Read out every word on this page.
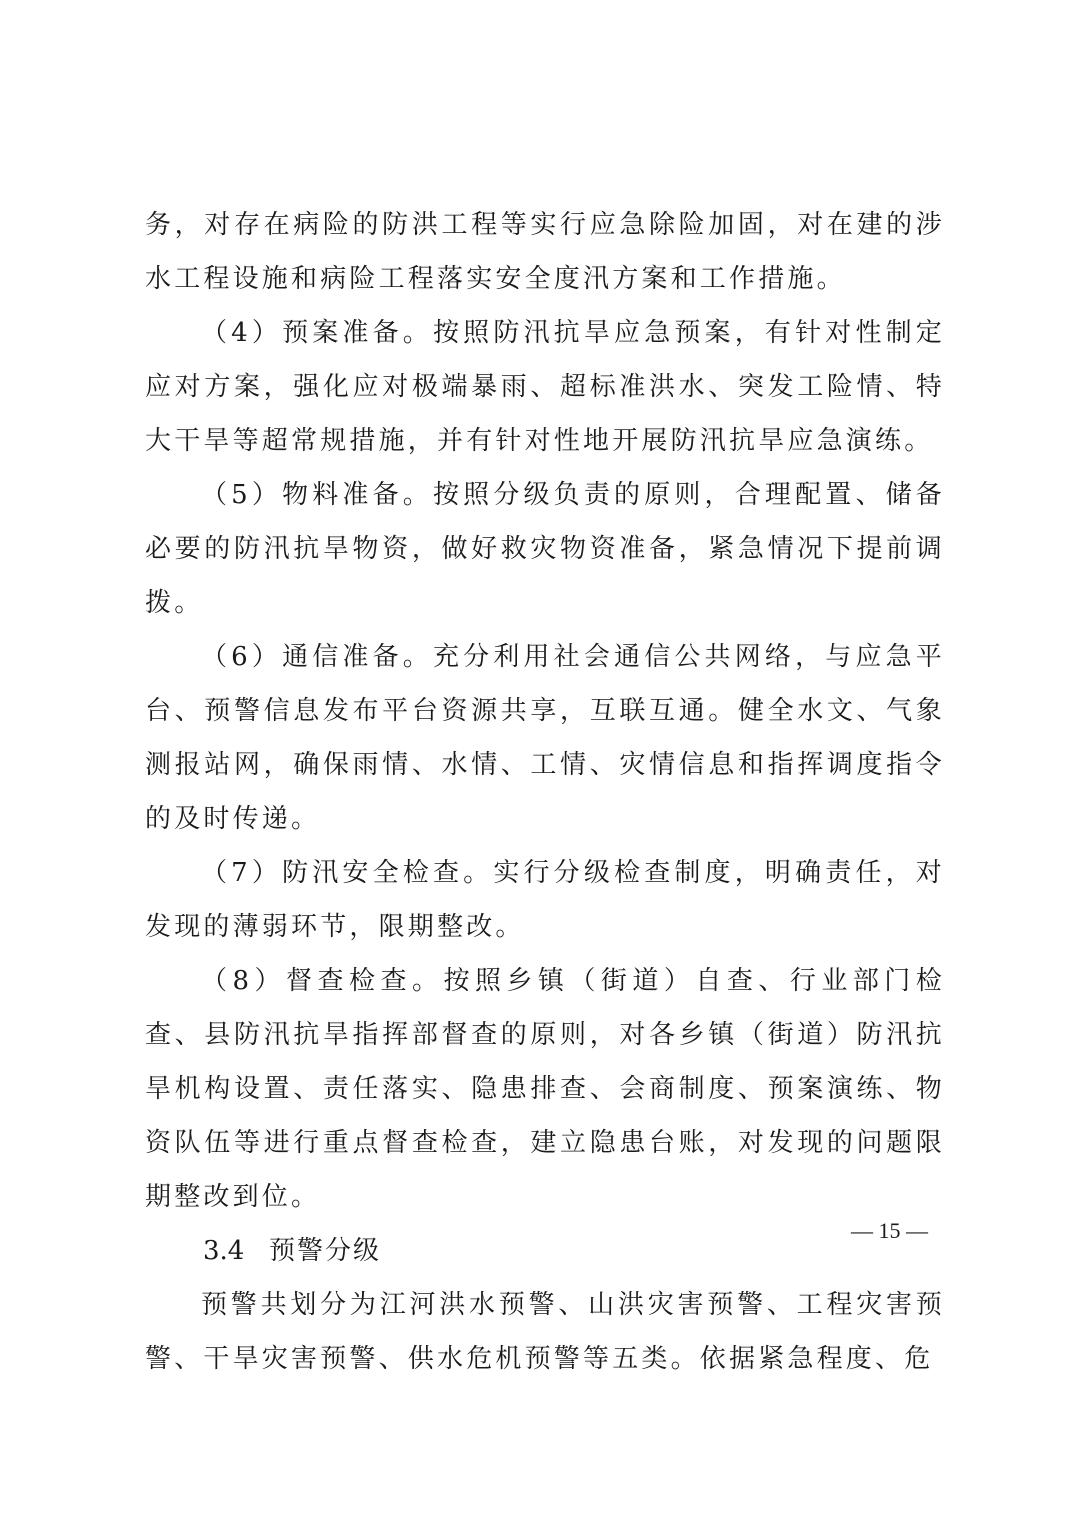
务，对存在病险的防洪工程等实行应急除险加固，对在建的涉水工程设施和病险工程落实安全度汛方案和工作措施。

（4）预案准备。按照防汛抗旱应急预案，有针对性制定应对方案，强化应对极端暴雨、超标准洪水、突发工险情、特大干旱等超常规措施，并有针对性地开展防汛抗旱应急演练。

（5）物料准备。按照分级负责的原则，合理配置、储备必要的防汛抗旱物资，做好救灾物资准备，紧急情况下提前调拨。

（6）通信准备。充分利用社会通信公共网络，与应急平台、预警信息发布平台资源共享，互联互通。健全水文、气象测报站网，确保雨情、水情、工情、灾情信息和指挥调度指令的及时传递。

（7）防汛安全检查。实行分级检查制度，明确责任，对发现的薄弱环节，限期整改。

（8）督查检查。按照乡镇（街道）自查、行业部门检查、县防汛抗旱指挥部督查的原则，对各乡镇（街道）防汛抗旱机构设置、责任落实、隐患排查、会商制度、预案演练、物资队伍等进行重点督查检查，建立隐患台账，对发现的问题限期整改到位。

3.4 预警分级

预警共划分为江河洪水预警、山洪灾害预警、工程灾害预警、干旱灾害预警、供水危机预警等五类。依据紧急程度、危

— 15 —
